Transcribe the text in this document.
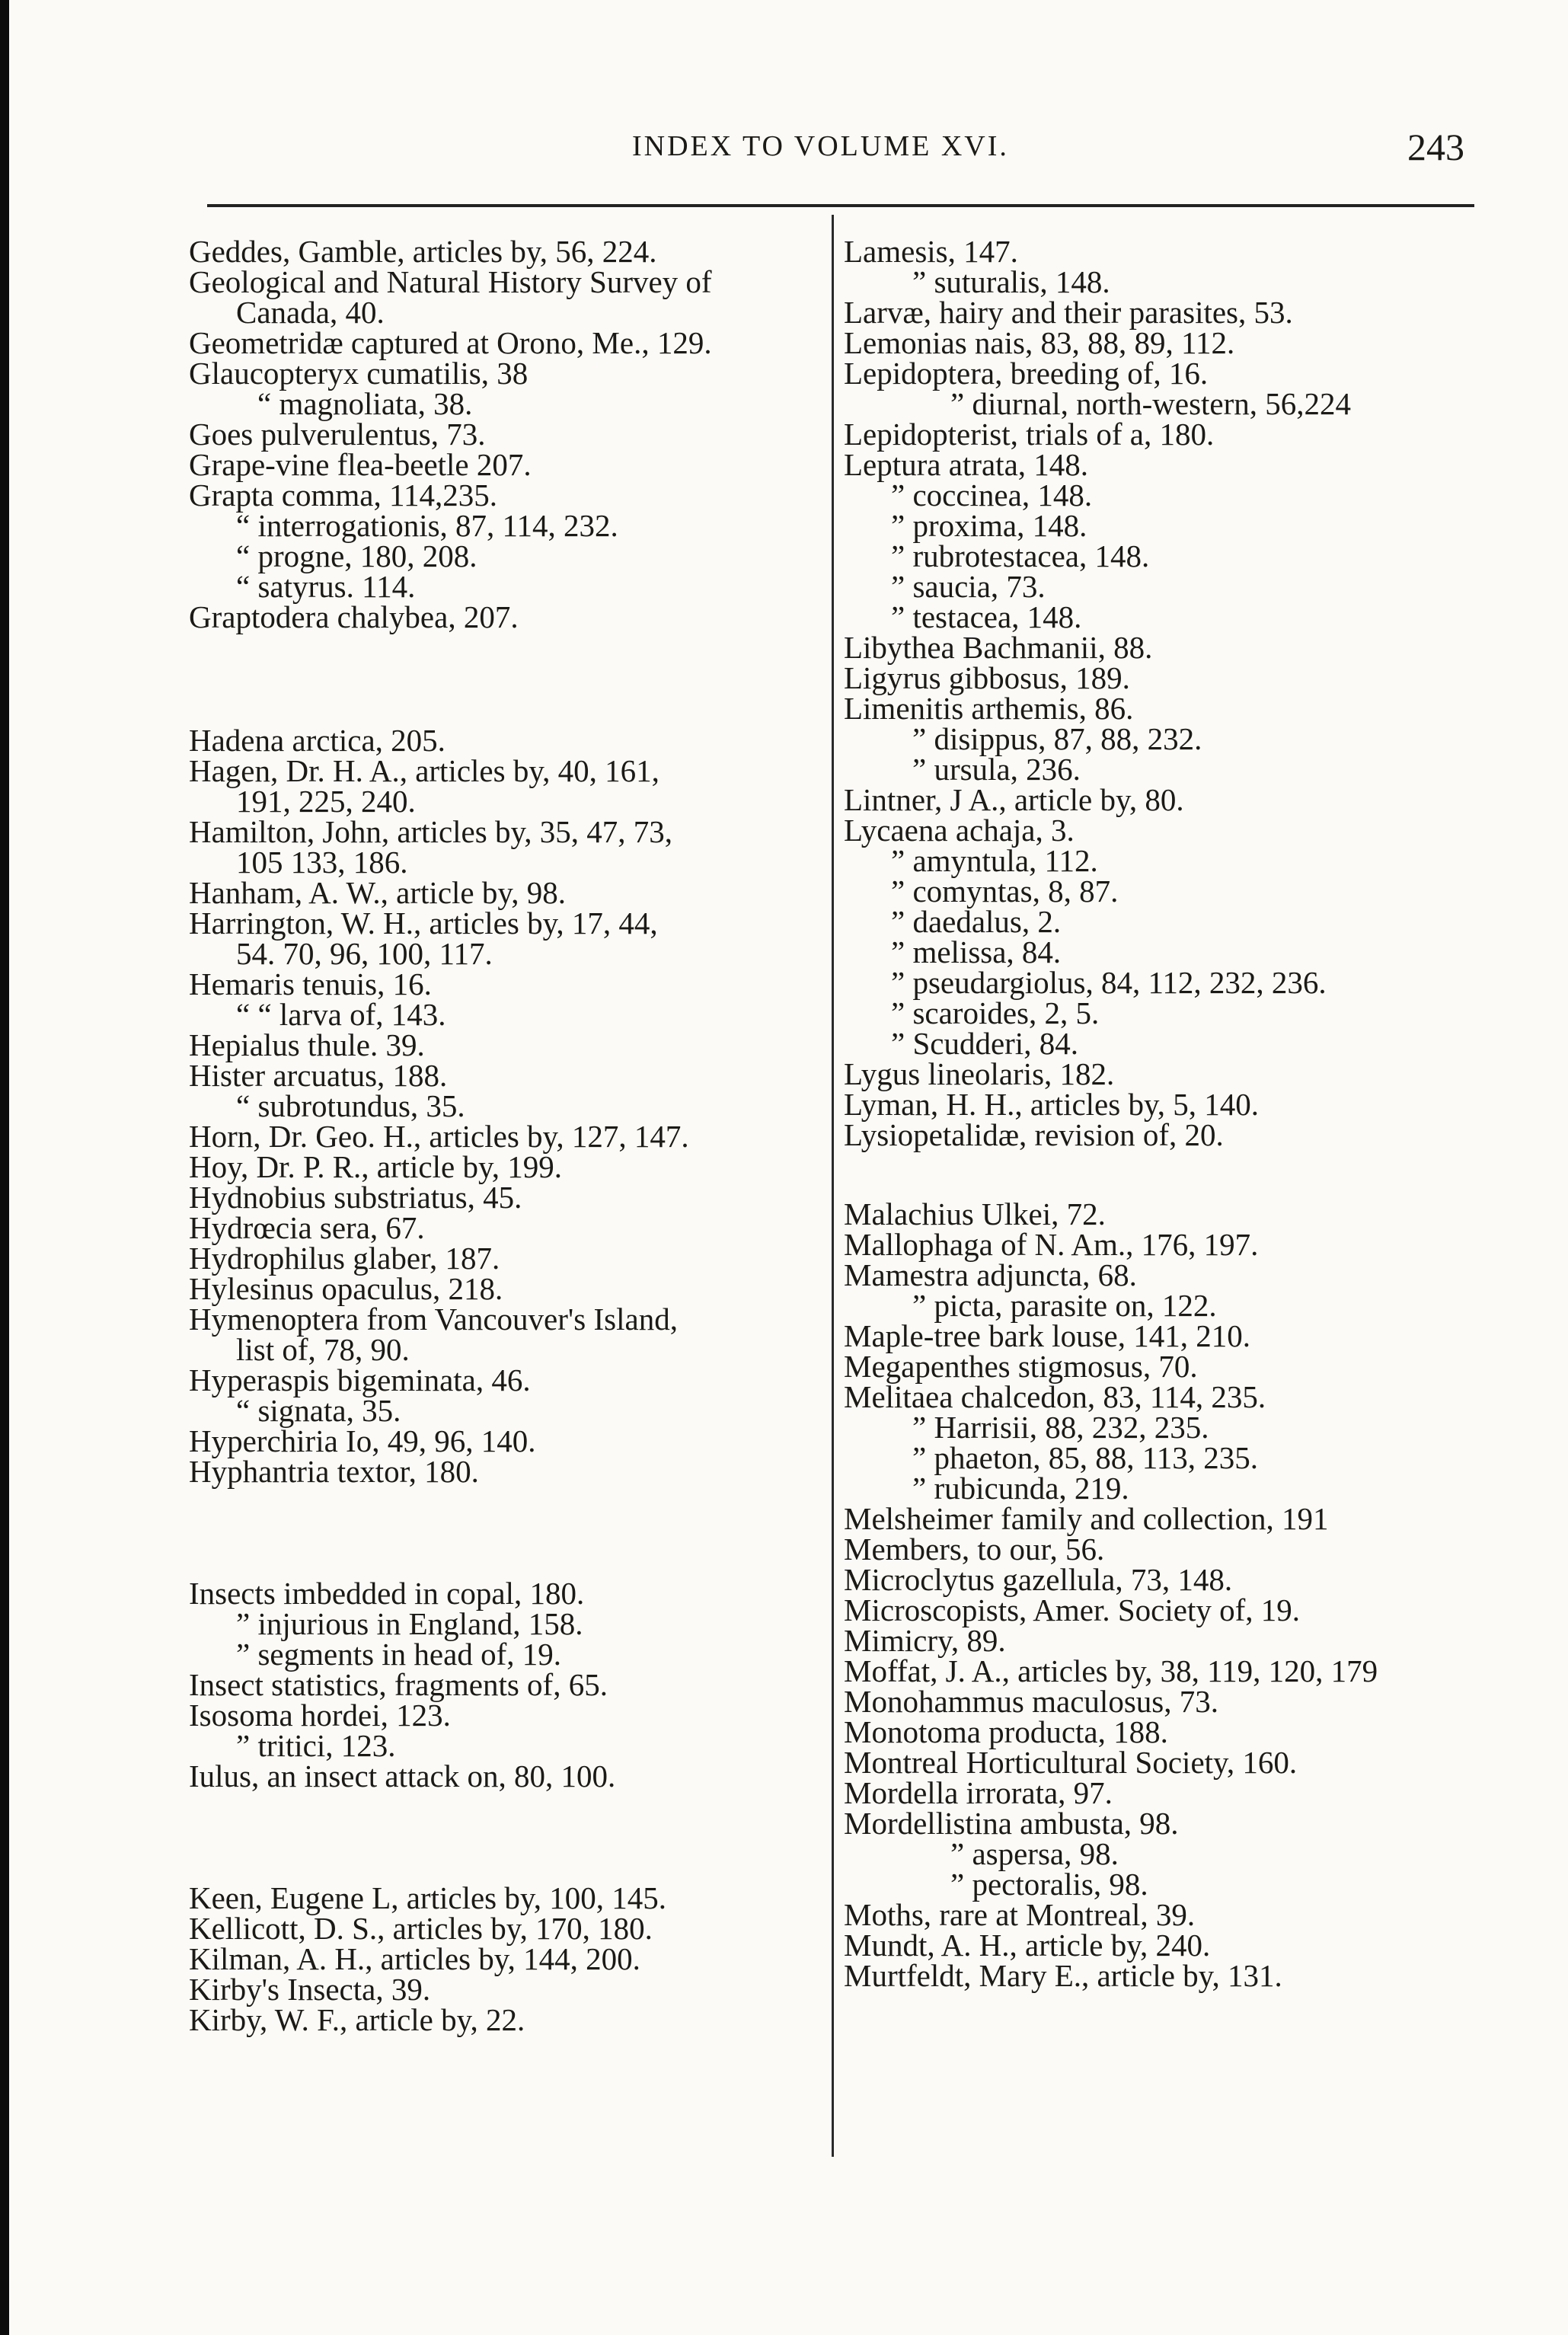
INDEX TO VOLUME XVI.	243
Geddes, Gamble, articles by, 56, 224.
Geological and Natural History Survey of
Canada, 40.
Geometridæ captured at Orono, Me., 129.
Glaucopteryx cumatilis, 38
“ magnoliata, 38.
Goes pulverulentus, 73.
Grape-vine flea-beetle 207.
Grapta comma, 114,235.
“ interrogationis, 87, 114, 232.
“ progne, 180, 208.
“ satyrus. 114.
Graptodera chalybea, 207.
Hadena arctica, 205.
Hagen, Dr. H. A., articles by, 40, 161,
191, 225, 240.
Hamilton, John, articles by, 35, 47, 73,
105 133, 186.
Hanham, A. W., article by, 98.
Harrington, W. H., articles by, 17, 44,
54. 70, 96, 100, 117.
Hemaris tenuis, 16.
“ “ larva of, 143.
Hepialus thule. 39.
Hister arcuatus, 188.
“ subrotundus, 35.
Horn, Dr. Geo. H., articles by, 127, 147.
Hoy, Dr. P. R., article by, 199.
Hydnobius substriatus, 45.
Hydrœcia sera, 67.
Hydrophilus glaber, 187.
Hylesinus opaculus, 218.
Hymenoptera from Vancouver's Island,
list of, 78, 90.
Hyperaspis bigeminata, 46.
“ signata, 35.
Hyperchiria Io, 49, 96, 140.
Hyphantria textor, 180.
Insects imbedded in copal, 180.
” injurious in England, 158.
” segments in head of, 19.
Insect statistics, fragments of, 65.
Isosoma hordei, 123.
” tritici, 123.
Iulus, an insect attack on, 80, 100.
Keen, Eugene L, articles by, 100, 145.
Kellicott, D. S., articles by, 170, 180.
Kilman, A. H., articles by, 144, 200.
Kirby's Insecta, 39.
Kirby, W. F., article by, 22.
Lamesis, 147.
” suturalis, 148.
Larvæ, hairy and their parasites, 53.
Lemonias nais, 83, 88, 89, 112.
Lepidoptera, breeding of, 16.
” diurnal, north-western, 56,224
Lepidopterist, trials of a, 180.
Leptura atrata, 148.
” coccinea, 148.
” proxima, 148.
” rubrotestacea, 148.
” saucia, 73.
” testacea, 148.
Libythea Bachmanii, 88.
Ligyrus gibbosus, 189.
Limenitis arthemis, 86.
” disippus, 87, 88, 232.
” ursula, 236.
Lintner, J A., article by, 80.
Lycaena achaja, 3.
” amyntula, 112.
” comyntas, 8, 87.
” daedalus, 2.
” melissa, 84.
” pseudargiolus, 84, 112, 232, 236.
” scaroides, 2, 5.
” Scudderi, 84.
Lygus lineolaris, 182.
Lyman, H. H., articles by, 5, 140.
Lysiopetalidæ, revision of, 20.
Malachius Ulkei, 72.
Mallophaga of N. Am., 176, 197.
Mamestra adjuncta, 68.
” picta, parasite on, 122.
Maple-tree bark louse, 141, 210.
Megapenthes stigmosus, 70.
Melitaea chalcedon, 83, 114, 235.
” Harrisii, 88, 232, 235.
” phaeton, 85, 88, 113, 235.
” rubicunda, 219.
Melsheimer family and collection, 191
Members, to our, 56.
Microclytus gazellula, 73, 148.
Microscopists, Amer. Society of, 19.
Mimicry, 89.
Moffat, J. A., articles by, 38, 119, 120, 179
Monohammus maculosus, 73.
Monotoma producta, 188.
Montreal Horticultural Society, 160.
Mordella irrorata, 97.
Mordellistina ambusta, 98.
” aspersa, 98.
” pectoralis, 98.
Moths, rare at Montreal, 39.
Mundt, A. H., article by, 240.
Murtfeldt, Mary E., article by, 131.
